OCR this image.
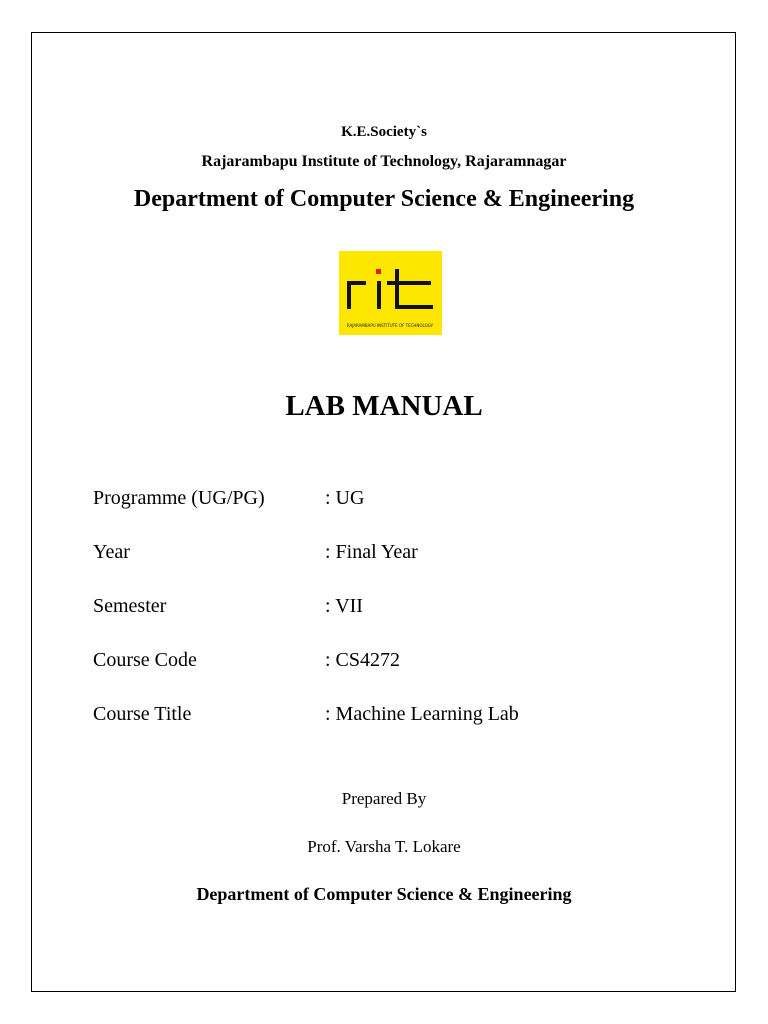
K.E.Society`s
Rajarambapu Institute of Technology, Rajaramnagar
Department of Computer Science & Engineering
RAJARAMBAPU INSTITUTE OF TECHNOLOGY
LAB MANUAL
Programme (UG/PG)	: UG
Year	: Final Year
Semester	: VII
Course Code	: CS4272
Course Title	: Machine Learning Lab
Prepared By
Prof. Varsha T. Lokare
Department of Computer Science & Engineering
